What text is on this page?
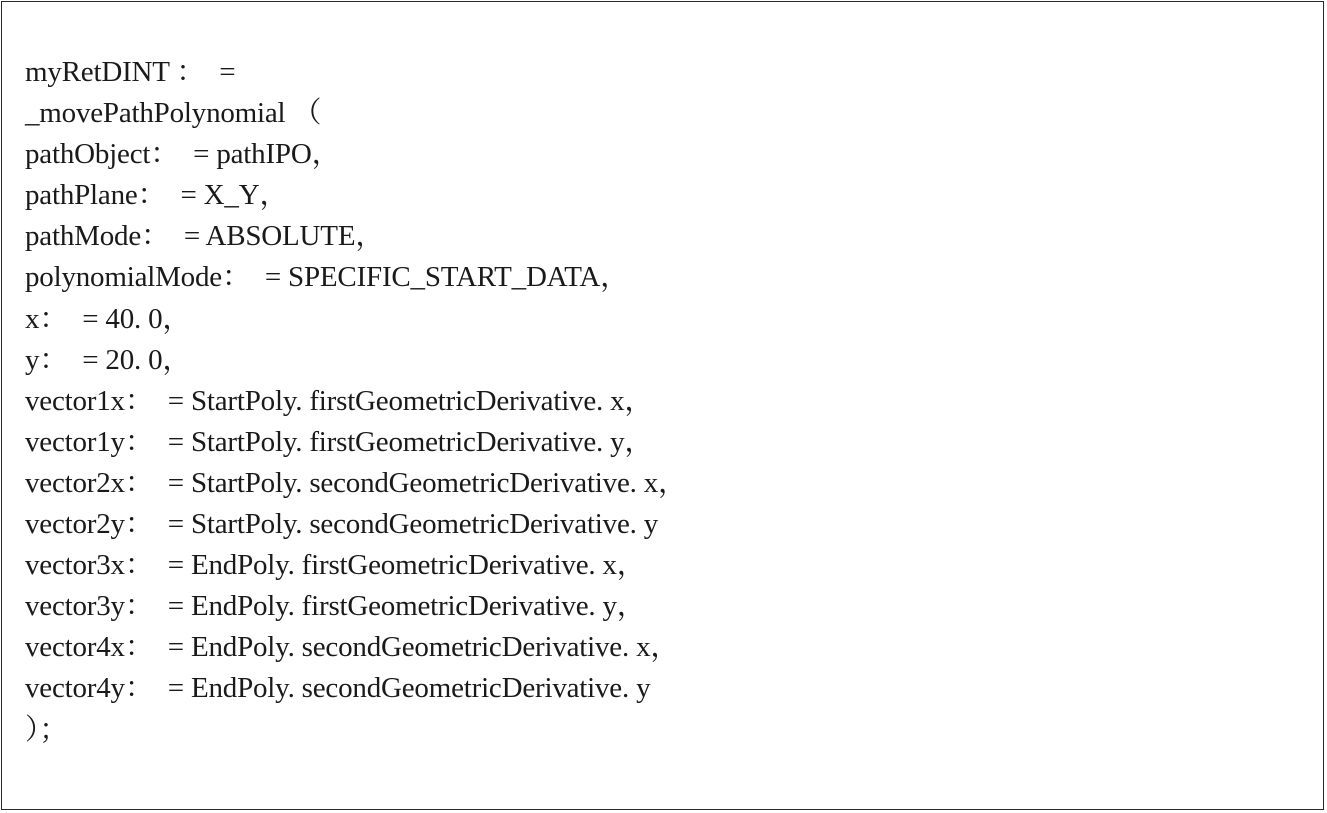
myRetDINT ：  =
_movePathPolynomial （
pathObject：  = pathIPO，
pathPlane：  = X_Y，
pathMode：  = ABSOLUTE，
polynomialMode：  = SPECIFIC_START_DATA，
x：  = 40. 0，
y：  = 20. 0，
vector1x：  = StartPoly. firstGeometricDerivative. x，
vector1y：  = StartPoly. firstGeometricDerivative. y，
vector2x：  = StartPoly. secondGeometricDerivative. x，
vector2y：  = StartPoly. secondGeometricDerivative. y
vector3x：  = EndPoly. firstGeometricDerivative. x，
vector3y：  = EndPoly. firstGeometricDerivative. y，
vector4x：  = EndPoly. secondGeometricDerivative. x，
vector4y：  = EndPoly. secondGeometricDerivative. y
）；
